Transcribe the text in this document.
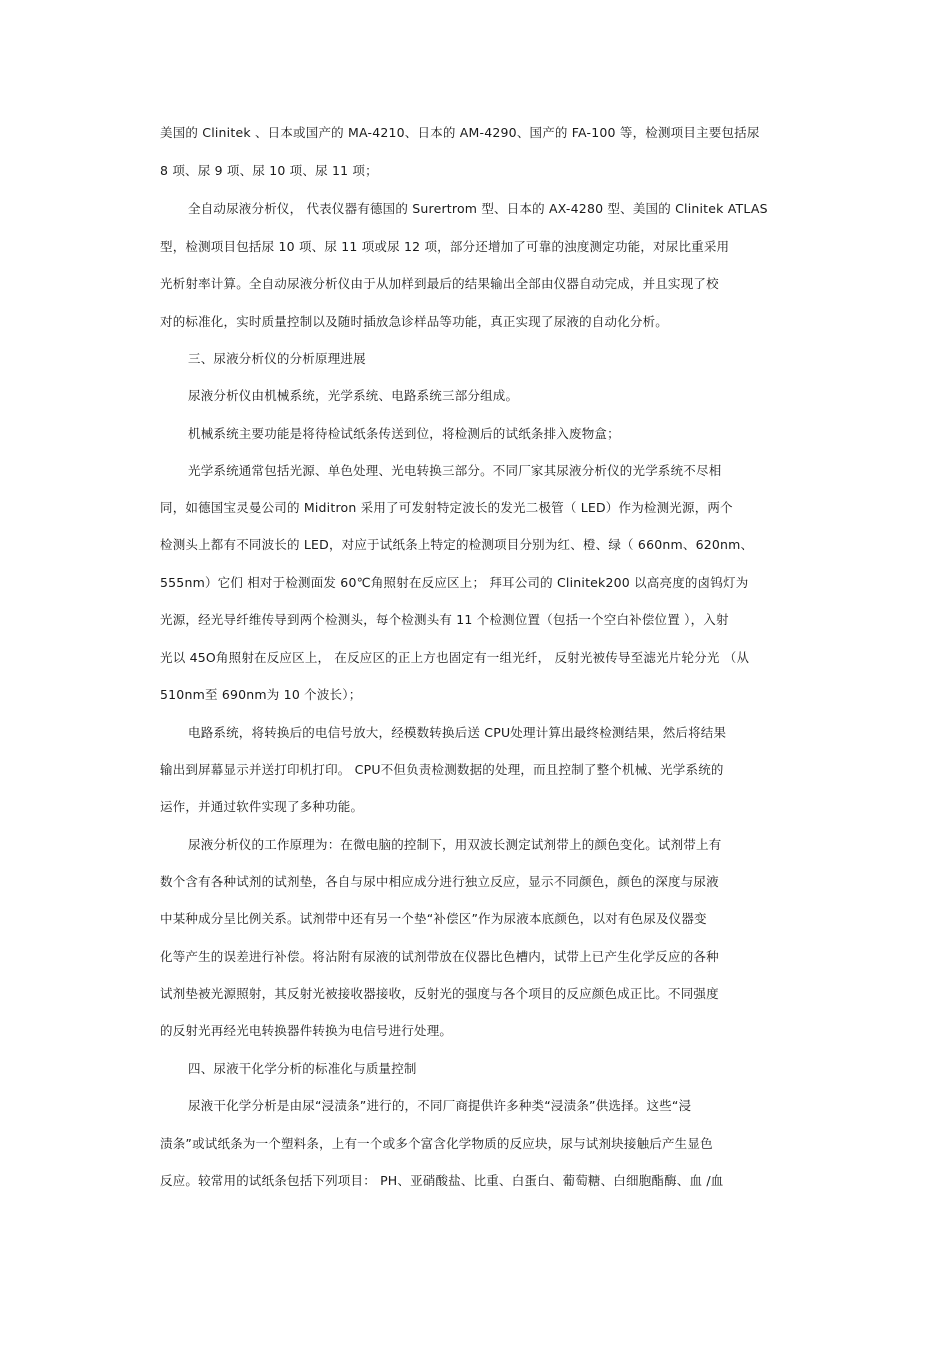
美国的 Clinitek 、日本或国产的 MA-4210、日本的 AM-4290、国产的 FA-100 等，检测项目主要包括尿
8 项、尿 9 项、尿 10 项、尿 11 项；
全自动尿液分析仪， 代表仪器有德国的 Surertrom 型、日本的 AX-4280 型、美国的 Clinitek ATLAS
型，检测项目包括尿 10 项、尿 11 项或尿 12 项，部分还增加了可靠的浊度测定功能，对尿比重采用
光析射率计算。全自动尿液分析仪由于从加样到最后的结果输出全部由仪器自动完成，并且实现了校
对的标准化，实时质量控制以及随时插放急诊样品等功能，真正实现了尿液的自动化分析。
三、尿液分析仪的分析原理进展
尿液分析仪由机械系统，光学系统、电路系统三部分组成。
机械系统主要功能是将待检试纸条传送到位，将检测后的试纸条排入废物盒；
光学系统通常包括光源、单色处理、光电转换三部分。不同厂家其尿液分析仪的光学系统不尽相
同，如德国宝灵曼公司的 Miditron 采用了可发射特定波长的发光二极管（ LED）作为检测光源，两个
检测头上都有不同波长的 LED，对应于试纸条上特定的检测项目分别为红、橙、绿（ 660nm、620nm、
555nm）它们 相对于检测面发 60℃角照射在反应区上； 拜耳公司的 Clinitek200 以高亮度的卤钨灯为
光源，经光导纤维传导到两个检测头，每个检测头有 11 个检测位置（包括一个空白补偿位置 ），入射
光以 45O角照射在反应区上， 在反应区的正上方也固定有一组光纤， 反射光被传导至滤光片轮分光 （从
510nm至 690nm为 10 个波长）；
电路系统，将转换后的电信号放大，经模数转换后送 CPU处理计算出最终检测结果，然后将结果
输出到屏幕显示并送打印机打印。 CPU不但负责检测数据的处理，而且控制了整个机械、光学系统的
运作，并通过软件实现了多种功能。
尿液分析仪的工作原理为：在微电脑的控制下，用双波长测定试剂带上的颜色变化。试剂带上有
数个含有各种试剂的试剂垫，各自与尿中相应成分进行独立反应，显示不同颜色，颜色的深度与尿液
中某种成分呈比例关系。试剂带中还有另一个垫“补偿区”作为尿液本底颜色，以对有色尿及仪器变
化等产生的误差进行补偿。将沾附有尿液的试剂带放在仪器比色槽内，试带上已产生化学反应的各种
试剂垫被光源照射，其反射光被接收器接收，反射光的强度与各个项目的反应颜色成正比。不同强度
的反射光再经光电转换器件转换为电信号进行处理。
四、尿液干化学分析的标准化与质量控制
尿液干化学分析是由尿“浸渍条”进行的，不同厂商提供许多种类“浸渍条”供选择。这些“浸
渍条”或试纸条为一个塑料条，上有一个或多个富含化学物质的反应块，尿与试剂块接触后产生显色
反应。较常用的试纸条包括下列项目： PH、亚硝酸盐、比重、白蛋白、葡萄糖、白细胞酯酶、血 /血
